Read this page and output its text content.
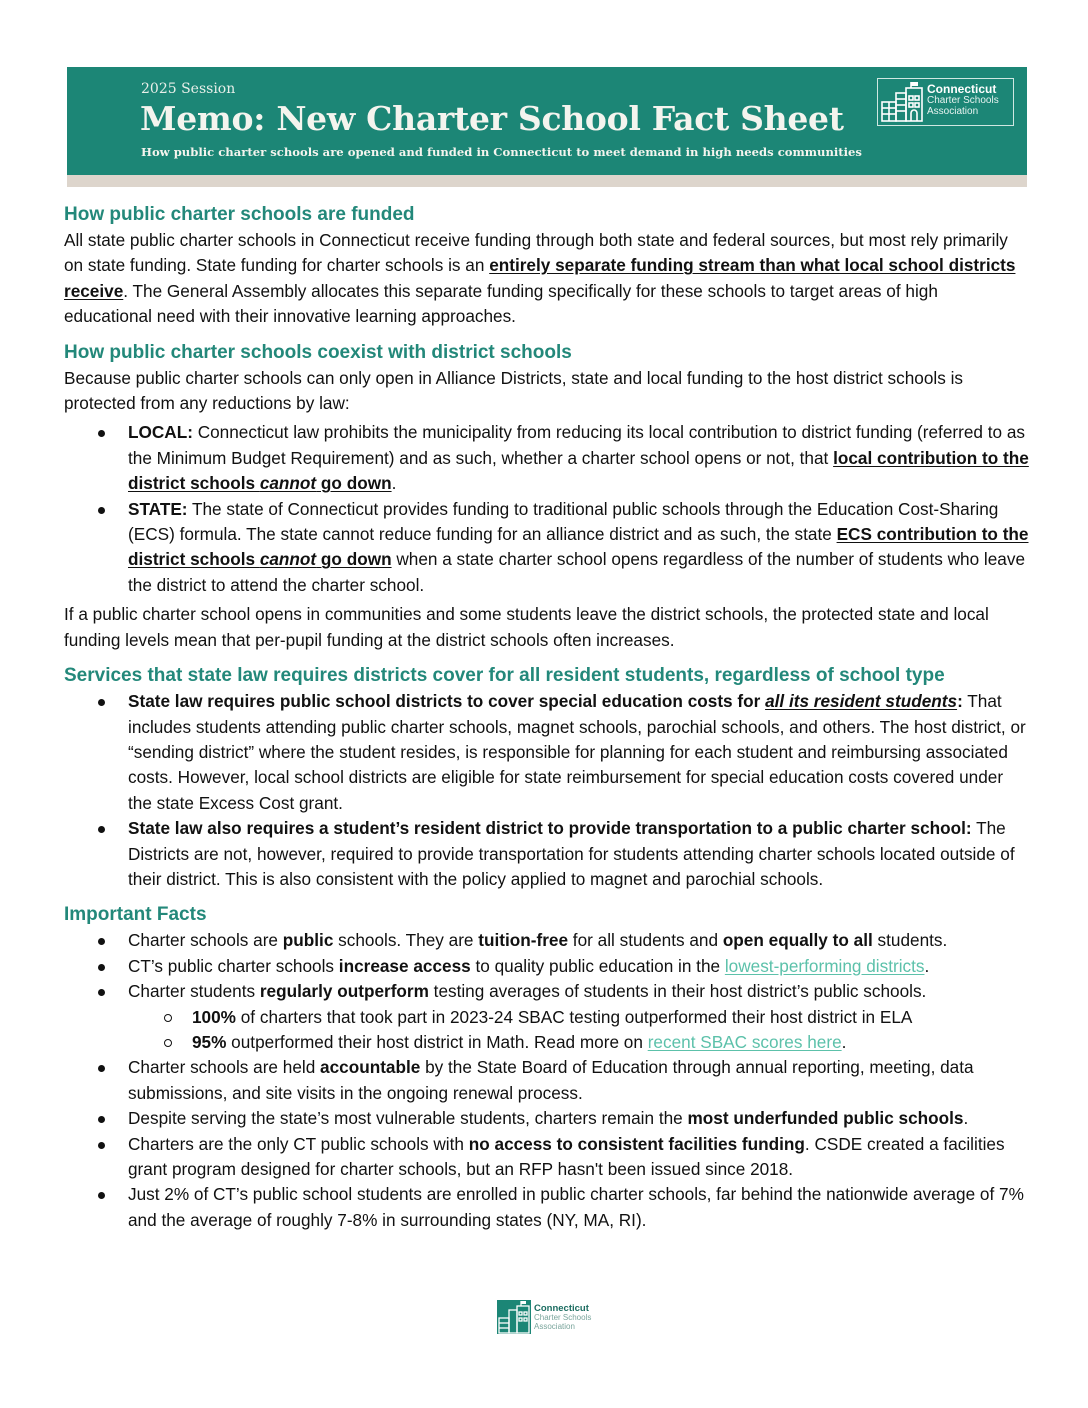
2025 Session
Memo: New Charter School Fact Sheet
How public charter schools are opened and funded in Connecticut to meet demand in high needs communities
Connecticut
Charter Schools
Association
How public charter schools are funded

All state public charter schools in Connecticut receive funding through both state and federal sources, but most rely primarily on state funding. State funding for charter schools is an entirely separate funding stream than what local school districts receive. The General Assembly allocates this separate funding specifically for these schools to target areas of high educational need with their innovative learning approaches.

How public charter schools coexist with district schools

Because public charter schools can only open in Alliance Districts, state and local funding to the host district schools is protected from any reductions by law:

LOCAL: Connecticut law prohibits the municipality from reducing its local contribution to district funding (referred to as the Minimum Budget Requirement) and as such, whether a charter school opens or not, that local contribution to the district schools cannot go down.
STATE: The state of Connecticut provides funding to traditional public schools through the Education Cost-Sharing (ECS) formula. The state cannot reduce funding for an alliance district and as such, the state ECS contribution to the district schools cannot go down when a state charter school opens regardless of the number of students who leave the district to attend the charter school.

If a public charter school opens in communities and some students leave the district schools, the protected state and local funding levels mean that per-pupil funding at the district schools often increases.

Services that state law requires districts cover for all resident students, regardless of school type
State law requires public school districts to cover special education costs for all its resident students: That includes students attending public charter schools, magnet schools, parochial schools, and others. The host district, or “sending district” where the student resides, is responsible for planning for each student and reimbursing associated costs. However, local school districts are eligible for state reimbursement for special education costs covered under the state Excess Cost grant.
State law also requires a student’s resident district to provide transportation to a public charter school: The Districts are not, however, required to provide transportation for students attending charter schools located outside of their district. This is also consistent with the policy applied to magnet and parochial schools.
Important Facts
Charter schools are public schools. They are tuition-free for all students and open equally to all students.
CT’s public charter schools increase access to quality public education in the lowest-performing districts.
Charter students regularly outperform testing averages of students in their host district’s public schools.
100% of charters that took part in 2023-24 SBAC testing outperformed their host district in ELA
95% outperformed their host district in Math. Read more on recent SBAC scores here.
Charter schools are held accountable by the State Board of Education through annual reporting, meeting, data submissions, and site visits in the ongoing renewal process.
Despite serving the state’s most vulnerable students, charters remain the most underfunded public schools.
Charters are the only CT public schools with no access to consistent facilities funding. CSDE created a facilities grant program designed for charter schools, but an RFP hasn't been issued since 2018.
Just 2% of CT’s public school students are enrolled in public charter schools, far behind the nationwide average of 7% and the average of roughly 7-8% in surrounding states (NY, MA, RI).
Connecticut
Charter Schools
Association
